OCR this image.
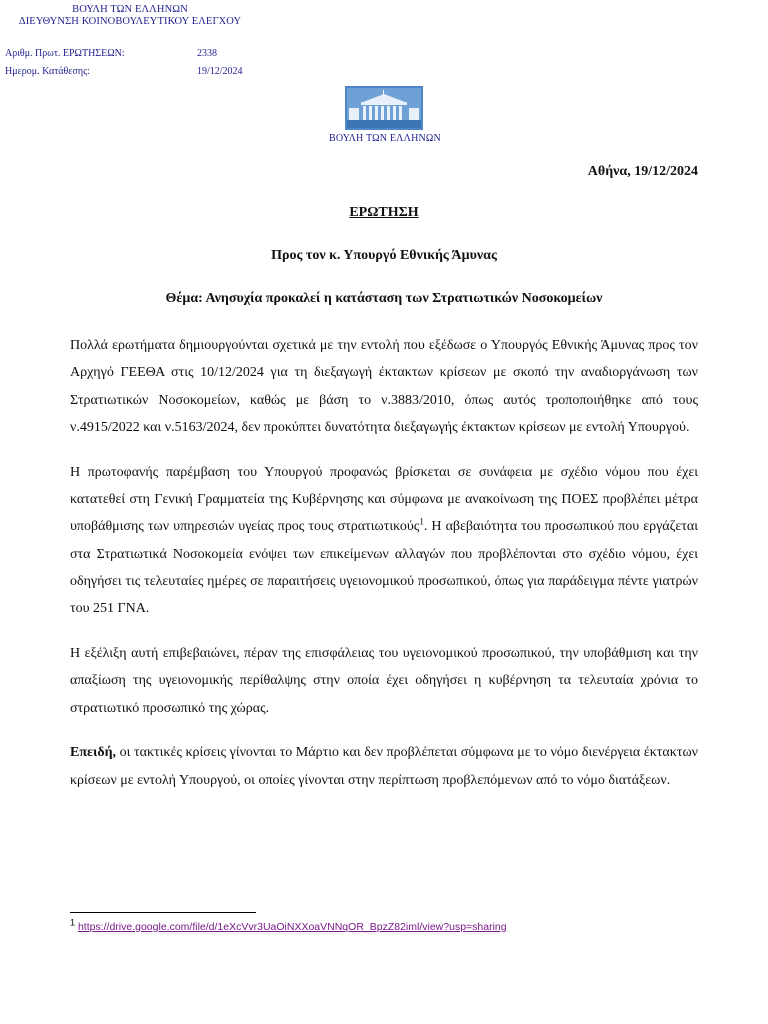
ΒΟΥΛΗ ΤΩΝ ΕΛΛΗΝΩΝ
ΔΙΕΥΘΥΝΣΗ ΚΟΙΝΟΒΟΥΛΕΥΤΙΚΟΥ ΕΛΕΓΧΟΥ
Αριθμ. Πρωτ. ΕΡΩΤΗΣΕΩΝ:	2338
Ημερομ. Κατάθεσης:	19/12/2024
ΒΟΥΛΗ ΤΩΝ ΕΛΛΗΝΩΝ
Αθήνα, 19/12/2024
ΕΡΩΤΗΣΗ
Προς τον κ. Υπουργό Εθνικής Άμυνας
Θέμα: Ανησυχία προκαλεί η κατάσταση των Στρατιωτικών Νοσοκομείων

Πολλά ερωτήματα δημιουργούνται σχετικά με την εντολή που εξέδωσε ο Υπουργός Εθνικής Άμυνας προς τον Αρχηγό ΓΕΕΘΑ στις 10/12/2024 για τη διεξαγωγή έκτακτων κρίσεων με σκοπό την αναδιοργάνωση των Στρατιωτικών Νοσοκομείων, καθώς με βάση το ν.3883/2010, όπως αυτός τροποποιήθηκε από τους ν.4915/2022 και ν.5163/2024, δεν προκύπτει δυνατότητα διεξαγωγής έκτακτων κρίσεων με εντολή Υπουργού.

Η πρωτοφανής παρέμβαση του Υπουργού προφανώς βρίσκεται σε συνάφεια με σχέδιο νόμου που έχει κατατεθεί στη Γενική Γραμματεία της Κυβέρνησης και σύμφωνα με ανακοίνωση της ΠΟΕΣ προβλέπει μέτρα υποβάθμισης των υπηρεσιών υγείας προς τους στρατιωτικούς$^1$. Η αβεβαιότητα του προσωπικού που εργάζεται στα Στρατιωτικά Νοσοκομεία ενόψει των επικείμενων αλλαγών που προβλέπονται στο σχέδιο νόμου, έχει οδηγήσει τις τελευταίες ημέρες σε παραιτήσεις υγειονομικού προσωπικού, όπως για παράδειγμα πέντε γιατρών του 251 ΓΝΑ.

Η εξέλιξη αυτή επιβεβαιώνει, πέραν της επισφάλειας του υγειονομικού προσωπικού, την υποβάθμιση και την απαξίωση της υγειονομικής περίθαλψης στην οποία έχει οδηγήσει η κυβέρνηση τα τελευταία χρόνια το στρατιωτικό προσωπικό της χώρας.

Επειδή, οι τακτικές κρίσεις γίνονται το Μάρτιο και δεν προβλέπεται σύμφωνα με το νόμο διενέργεια έκτακτων κρίσεων με εντολή Υπουργού, οι οποίες γίνονται στην περίπτωση προβλεπόμενων από το νόμο διατάξεων.

$^1$ https://drive.google.com/file/d/1eXcVvr3UaOiNXXoaVNNqOR_BpzZ82iml/view?usp=sharing
